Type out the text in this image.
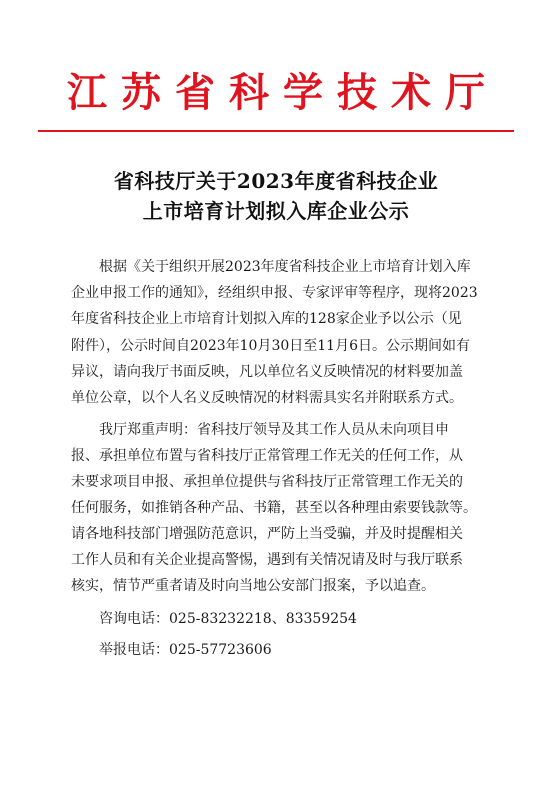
江苏省科学技术厅
省科技厅关于2023年度省科技企业
上市培育计划拟入库企业公示
根据《关于组织开展2023年度省科技企业上市培育计划入库
企业申报工作的通知》，经组织申报、专家评审等程序，现将2023
年度省科技企业上市培育计划拟入库的128家企业予以公示（见
附件），公示时间自2023年10月30日至11月6日。公示期间如有
异议，请向我厅书面反映，凡以单位名义反映情况的材料要加盖
单位公章，以个人名义反映情况的材料需具实名并附联系方式。
我厅郑重声明：省科技厅领导及其工作人员从未向项目申
报、承担单位布置与省科技厅正常管理工作无关的任何工作，从
未要求项目申报、承担单位提供与省科技厅正常管理工作无关的
任何服务，如推销各种产品、书籍，甚至以各种理由索要钱款等。
请各地科技部门增强防范意识，严防上当受骗，并及时提醒相关
工作人员和有关企业提高警惕，遇到有关情况请及时与我厅联系
核实，情节严重者请及时向当地公安部门报案，予以追查。
咨询电话：025-83232218、83359254
举报电话：025-57723606
